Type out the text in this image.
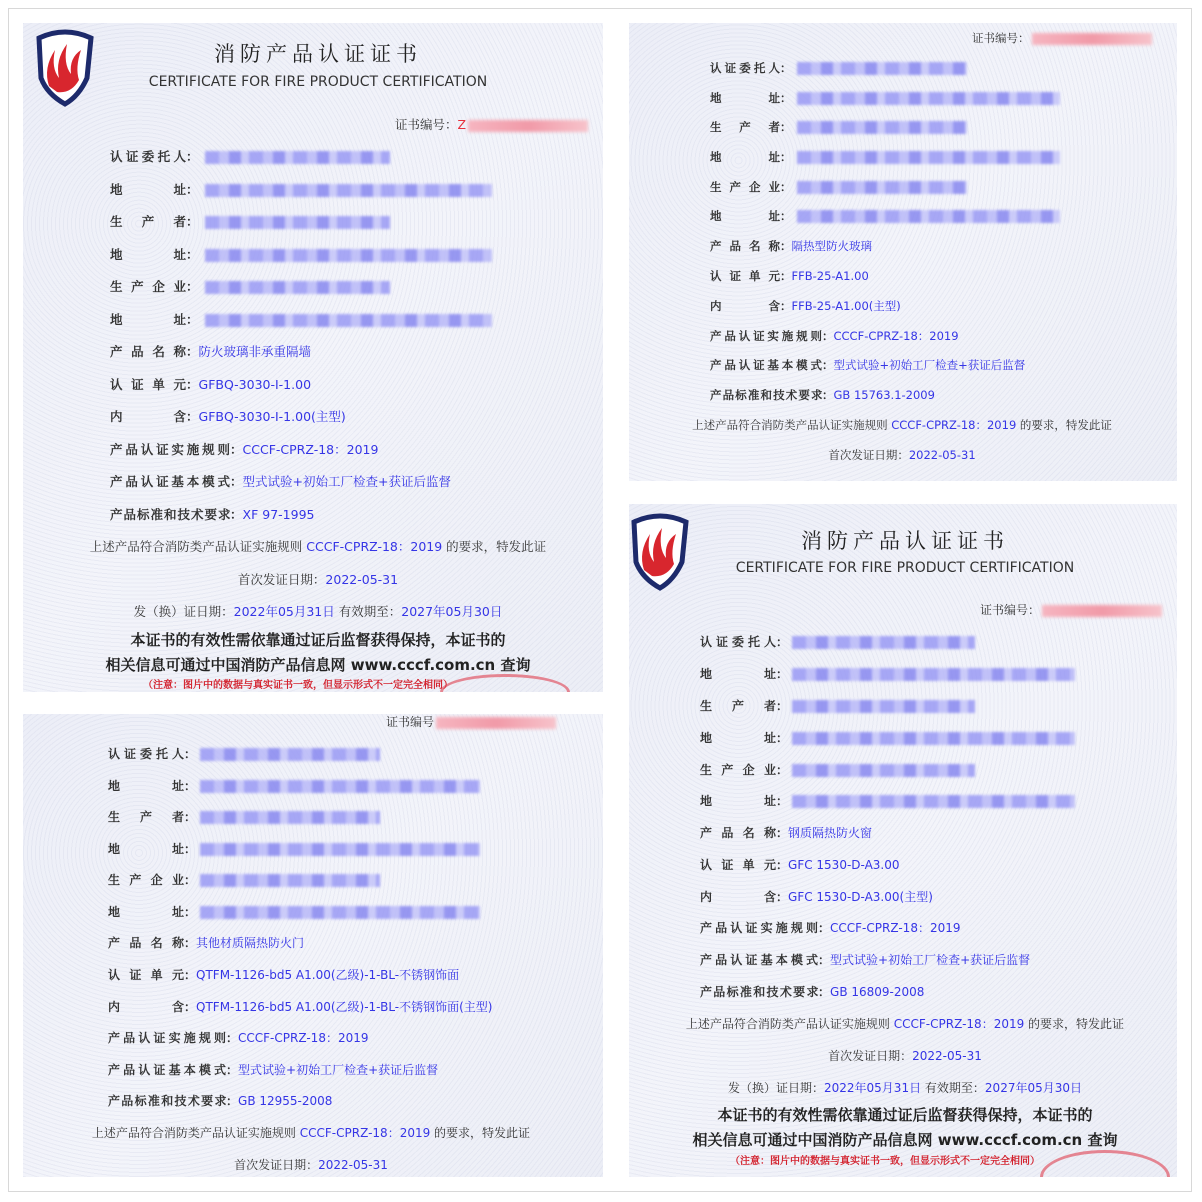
消防产品认证证书
CERTIFICATE FOR FIRE PRODUCT CERTIFICATION
证书编号：Z
认证委托人：
地址：
生产者：
地址：
生产企业：
地址：
产品名称：防火玻璃非承重隔墙
认证单元：GFBQ-3030-I-1.00
内含：GFBQ-3030-I-1.00(主型)
产品认证实施规则：CCCF-CPRZ-18：2019
产品认证基本模式：型式试验+初始工厂检查+获证后监督
产品标准和技术要求：XF 97-1995
上述产品符合消防类产品认证实施规则 CCCF-CPRZ-18：2019 的要求，特发此证
首次发证日期：2022-05-31
发（换）证日期：2022年05月31日 有效期至：2027年05月30日
本证书的有效性需依靠通过证后监督获得保持，本证书的
相关信息可通过中国消防产品信息网 www.cccf.com.cn 查询
（注意：图片中的数据与真实证书一致，但显示形式不一定完全相同）
证书编号：
认证委托人：
地址：
生产者：
地址：
生产企业：
地址：
产品名称：隔热型防火玻璃
认证单元：FFB-25-A1.00
内含：FFB-25-A1.00(主型)
产品认证实施规则：CCCF-CPRZ-18：2019
产品认证基本模式：型式试验+初始工厂检查+获证后监督
产品标准和技术要求：GB 15763.1-2009
上述产品符合消防类产品认证实施规则 CCCF-CPRZ-18：2019 的要求，特发此证
首次发证日期：2022-05-31
证书编号
认证委托人：
地址：
生产者：
地址：
生产企业：
地址：
产品名称：其他材质隔热防火门
认证单元：QTFM-1126-bd5 A1.00(乙级)-1-BL-不锈钢饰面
内含：QTFM-1126-bd5 A1.00(乙级)-1-BL-不锈钢饰面(主型)
产品认证实施规则：CCCF-CPRZ-18：2019
产品认证基本模式：型式试验+初始工厂检查+获证后监督
产品标准和技术要求：GB 12955-2008
上述产品符合消防类产品认证实施规则 CCCF-CPRZ-18：2019 的要求，特发此证
首次发证日期：2022-05-31
消防产品认证证书
CERTIFICATE FOR FIRE PRODUCT CERTIFICATION
证书编号：
认证委托人：
地址：
生产者：
地址：
生产企业：
地址：
产品名称：钢质隔热防火窗
认证单元：GFC 1530-D-A3.00
内含：GFC 1530-D-A3.00(主型)
产品认证实施规则：CCCF-CPRZ-18：2019
产品认证基本模式：型式试验+初始工厂检查+获证后监督
产品标准和技术要求：GB 16809-2008
上述产品符合消防类产品认证实施规则 CCCF-CPRZ-18：2019 的要求，特发此证
首次发证日期：2022-05-31
发（换）证日期：2022年05月31日 有效期至：2027年05月30日
本证书的有效性需依靠通过证后监督获得保持，本证书的
相关信息可通过中国消防产品信息网 www.cccf.com.cn 查询
（注意：图片中的数据与真实证书一致，但显示形式不一定完全相同）
